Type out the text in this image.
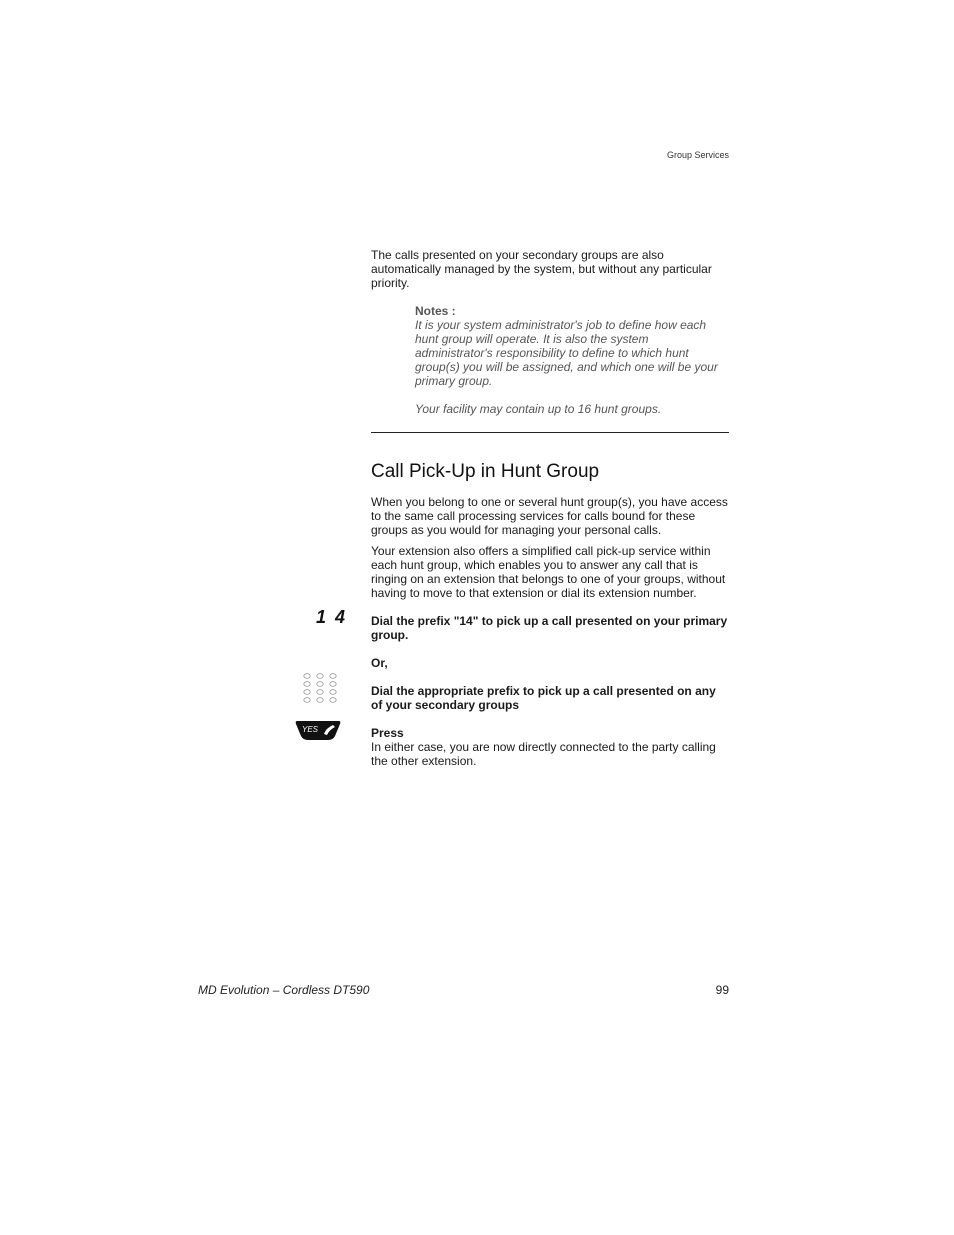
Group Services
The calls presented on your secondary groups are also automatically managed by the system, but without any particular priority.
Notes :
It is your system administrator's job to define how each hunt group will operate. It is also the system administrator's responsibility to define to which hunt group(s) you will be assigned, and which one will be your primary group.
Your facility may contain up to 16 hunt groups.
Call Pick-Up in Hunt Group
When you belong to one or several hunt group(s), you have access to the same call processing services for calls bound for these groups as you would for managing your personal calls.
Your extension also offers a simplified call pick-up service within each hunt group, which enables you to answer any call that is ringing on an extension that belongs to one of your groups, without having to move to that extension or dial its extension number.
1 4 Dial the prefix "14" to pick up a call presented on your primary group.
Or,
Dial the appropriate prefix to pick up a call presented on any of your secondary groups
YES	Press
In either case, you are now directly connected to the party calling the other extension.
MD Evolution – Cordless DT590	99
